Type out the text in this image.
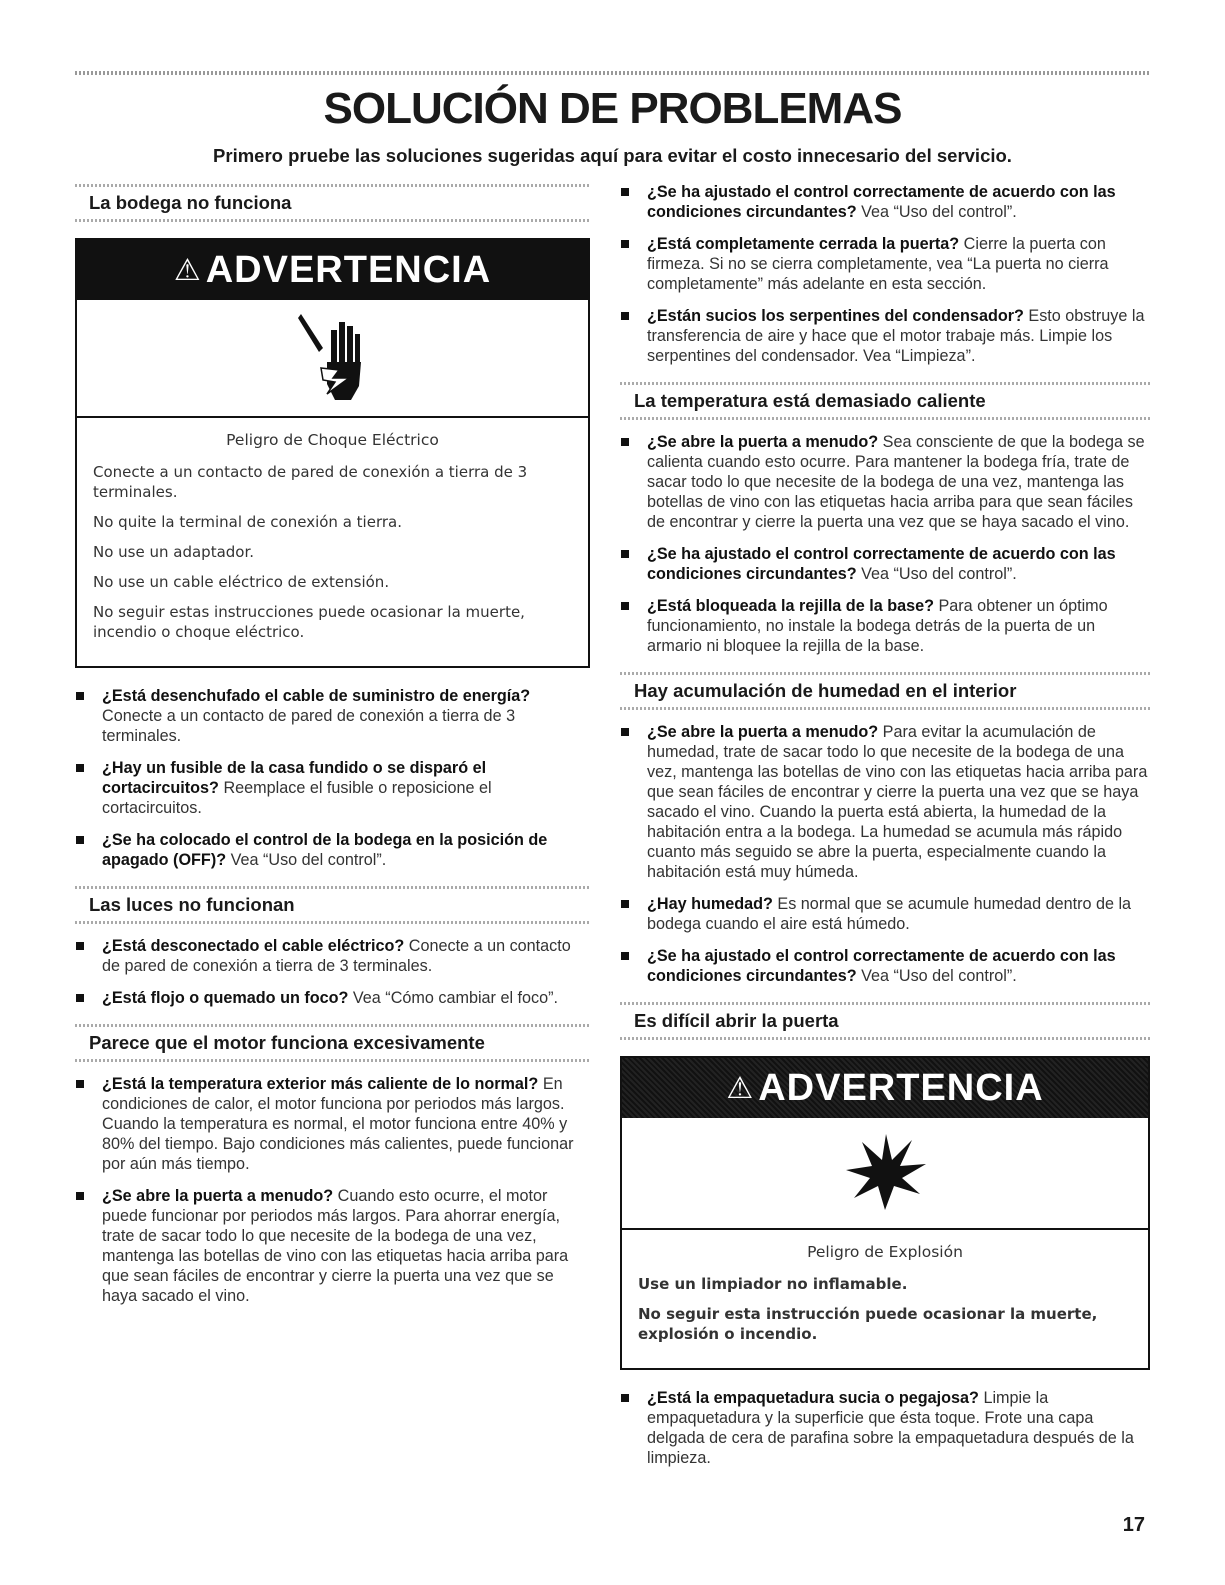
SOLUCIÓN DE PROBLEMAS

Primero pruebe las soluciones sugeridas aquí para evitar el costo innecesario del servicio.

La bodega no funciona
⚠ ADVERTENCIA

Peligro de Choque Eléctrico

Conecte a un contacto de pared de conexión a tierra de 3 terminales.

No quite la terminal de conexión a tierra.

No use un adaptador.

No use un cable eléctrico de extensión.

No seguir estas instrucciones puede ocasionar la muerte, incendio o choque eléctrico.

¿Está desenchufado el cable de suministro de energía? Conecte a un contacto de pared de conexión a tierra de 3 terminales.
¿Hay un fusible de la casa fundido o se disparó el cortacircuitos? Reemplace el fusible o reposicione el cortacircuitos.
¿Se ha colocado el control de la bodega en la posición de apagado (OFF)? Vea “Uso del control”.
Las luces no funcionan
¿Está desconectado el cable eléctrico? Conecte a un contacto de pared de conexión a tierra de 3 terminales.
¿Está flojo o quemado un foco? Vea “Cómo cambiar el foco”.
Parece que el motor funciona excesivamente
¿Está la temperatura exterior más caliente de lo normal? En condiciones de calor, el motor funciona por periodos más largos. Cuando la temperatura es normal, el motor funciona entre 40% y 80% del tiempo. Bajo condiciones más calientes, puede funcionar por aún más tiempo.
¿Se abre la puerta a menudo? Cuando esto ocurre, el motor puede funcionar por periodos más largos. Para ahorrar energía, trate de sacar todo lo que necesite de la bodega de una vez, mantenga las botellas de vino con las etiquetas hacia arriba para que sean fáciles de encontrar y cierre la puerta una vez que se haya sacado el vino.
¿Se ha ajustado el control correctamente de acuerdo con las condiciones circundantes? Vea “Uso del control”.
¿Está completamente cerrada la puerta? Cierre la puerta con firmeza. Si no se cierra completamente, vea “La puerta no cierra completamente” más adelante en esta sección.
¿Están sucios los serpentines del condensador? Esto obstruye la transferencia de aire y hace que el motor trabaje más. Limpie los serpentines del condensador. Vea “Limpieza”.
La temperatura está demasiado caliente
¿Se abre la puerta a menudo? Sea consciente de que la bodega se calienta cuando esto ocurre. Para mantener la bodega fría, trate de sacar todo lo que necesite de la bodega de una vez, mantenga las botellas de vino con las etiquetas hacia arriba para que sean fáciles de encontrar y cierre la puerta una vez que se haya sacado el vino.
¿Se ha ajustado el control correctamente de acuerdo con las condiciones circundantes? Vea “Uso del control”.
¿Está bloqueada la rejilla de la base? Para obtener un óptimo funcionamiento, no instale la bodega detrás de la puerta de un armario ni bloquee la rejilla de la base.
Hay acumulación de humedad en el interior
¿Se abre la puerta a menudo? Para evitar la acumulación de humedad, trate de sacar todo lo que necesite de la bodega de una vez, mantenga las botellas de vino con las etiquetas hacia arriba para que sean fáciles de encontrar y cierre la puerta una vez que se haya sacado el vino. Cuando la puerta está abierta, la humedad de la habitación entra a la bodega. La humedad se acumula más rápido cuanto más seguido se abre la puerta, especialmente cuando la habitación está muy húmeda.
¿Hay humedad? Es normal que se acumule humedad dentro de la bodega cuando el aire está húmedo.
¿Se ha ajustado el control correctamente de acuerdo con las condiciones circundantes? Vea “Uso del control”.
Es difícil abrir la puerta
⚠ ADVERTENCIA

Peligro de Explosión

Use un limpiador no inflamable.

No seguir esta instrucción puede ocasionar la muerte, explosión o incendio.

¿Está la empaquetadura sucia o pegajosa? Limpie la empaquetadura y la superficie que ésta toque. Frote una capa delgada de cera de parafina sobre la empaquetadura después de la limpieza.
17
